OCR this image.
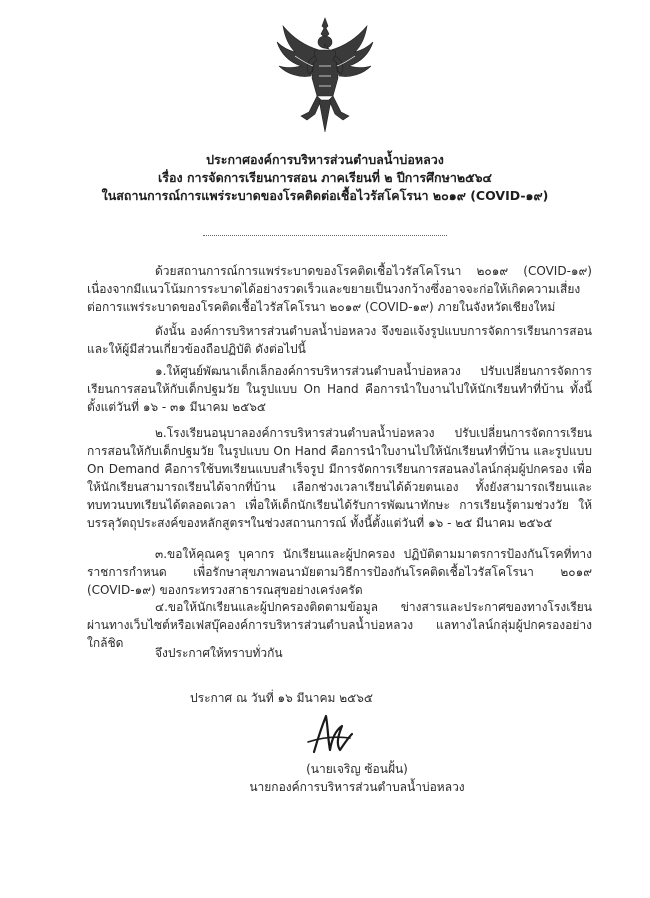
ประกาศองค์การบริหารส่วนตำบลน้ำบ่อหลวง
เรื่อง การจัดการเรียนการสอน ภาคเรียนที่ ๒ ปีการศึกษา๒๕๖๔
ในสถานการณ์การแพร่ระบาดของโรคติดต่อเชื้อไวรัสโคโรนา ๒๐๑๙ (COVID-๑๙)
ด้วยสถานการณ์การแพร่ระบาดของโรคติดเชื้อไวรัสโคโรนา ๒๐๑๙ (COVID-๑๙) เนื่องจากมีแนวโน้มการระบาดได้อย่างรวดเร็วและขยายเป็นวงกว้างซึ่งอาจจะก่อให้เกิดความเสี่ยงต่อการแพร่ระบาดของโรคติดเชื้อไวรัสโคโรนา ๒๐๑๙ (COVID-๑๙) ภายในจังหวัดเชียงใหม่
ดังนั้น องค์การบริหารส่วนตำบลน้ำบ่อหลวง จึงขอแจ้งรูปแบบการจัดการเรียนการสอน และให้ผู้มีส่วนเกี่ยวข้องถือปฏิบัติ ดังต่อไปนี้
๑.ให้ศูนย์พัฒนาเด็กเล็กองค์การบริหารส่วนตำบลน้ำบ่อหลวง ปรับเปลี่ยนการจัดการเรียนการสอนให้กับเด็กปฐมวัย ในรูปแบบ On Hand คือการนำใบงานไปให้นักเรียนทำที่บ้าน ทั้งนี้ตั้งแต่วันที่ ๑๖ - ๓๑ มีนาคม ๒๕๖๕
๒.โรงเรียนอนุบาลองค์การบริหารส่วนตำบลน้ำบ่อหลวง ปรับเปลี่ยนการจัดการเรียนการสอนให้กับเด็กปฐมวัย ในรูปแบบ On Hand คือการนำใบงานไปให้นักเรียนทำที่บ้าน และรูปแบบ On Demand คือการใช้บทเรียนแบบสำเร็จรูป มีการจัดการเรียนการสอนลงไลน์กลุ่มผู้ปกครอง เพื่อให้นักเรียนสามารถเรียนได้จากที่บ้าน เลือกช่วงเวลาเรียนได้ด้วยตนเอง ทั้งยังสามารถเรียนและทบทวนบทเรียนได้ตลอดเวลา เพื่อให้เด็กนักเรียนได้รับการพัฒนาทักษะ การเรียนรู้ตามช่วงวัย ให้บรรลุวัตถุประสงค์ของหลักสูตรฯในช่วงสถานการณ์ ทั้งนี้ตั้งแต่วันที่ ๑๖ - ๒๕ มีนาคม ๒๕๖๕
๓.ขอให้คุณครู บุคากร นักเรียนและผู้ปกครอง ปฏิบัติตามมาตรการป้องกันโรคที่ทางราชการกำหนด เพื่อรักษาสุขภาพอนามัยตามวิธีการป้องกันโรคติดเชื้อไวรัสโคโรนา ๒๐๑๙ (COVID-๑๙) ของกระทรวงสาธารณสุขอย่างเคร่งครัด
๔.ขอให้นักเรียนและผู้ปกครองติดตามข้อมูล ข่างสารและประกาศของทางโรงเรียนผ่านทางเว็บไซต์หรือเฟสบุ๊คองค์การบริหารส่วนตำบลน้ำบ่อหลวง แลทางไลน์กลุ่มผู้ปกครองอย่างใกล้ชิด
จึงประกาศให้ทราบทั่วกัน
ประกาศ ณ วันที่ ๑๖ มีนาคม ๒๕๖๕
(นายเจริญ ซ้อนฝั้น)
นายกองค์การบริหารส่วนตำบลน้ำบ่อหลวง
